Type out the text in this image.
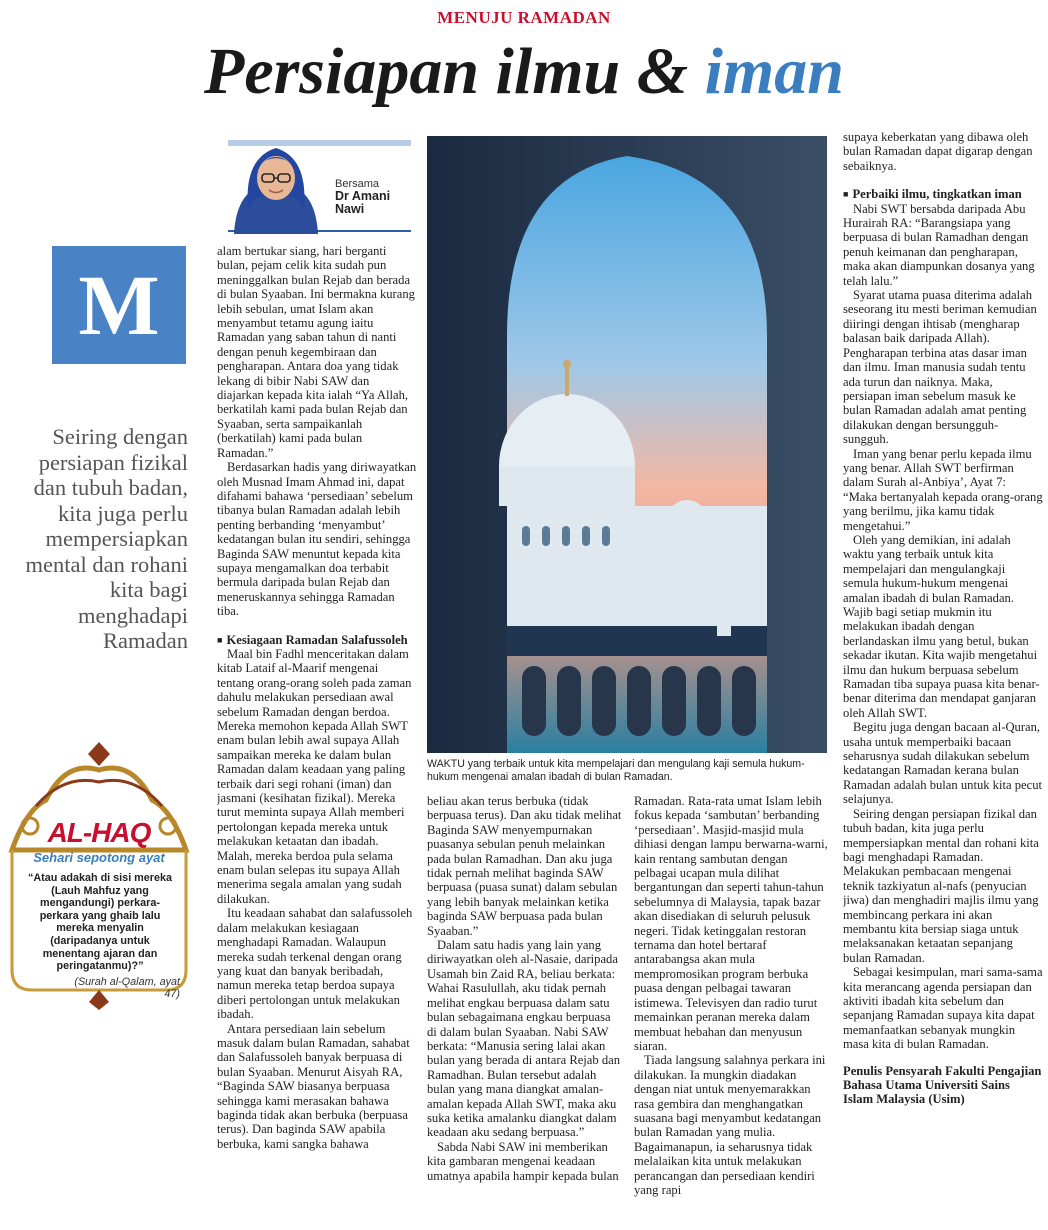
MENUJU RAMADAN
Persiapan ilmu & iman
Bersama
Dr Amani
Nawi
M
Seiring dengan persiapan fizikal dan tubuh badan, kita juga perlu mempersiapkan mental dan rohani kita bagi menghadapi Ramadan
AL-HAQ
Sehari sepotong ayat
“Atau adakah di sisi mereka (Lauh Mahfuz yang mengandungi) perkara-perkara yang ghaib lalu mereka menyalin (daripadanya untuk menentang ajaran dan peringatanmu)?”
(Surah al-Qalam, ayat 47)
WAKTU yang terbaik untuk kita mempelajari dan mengulang kaji semula hukum-hukum mengenai amalan ibadah di bulan Ramadan.

alam bertukar siang, hari berganti bulan, pejam celik kita sudah pun meninggalkan bulan Rejab dan berada di bulan Syaaban. Ini bermakna kurang lebih sebulan, umat Islam akan menyambut tetamu agung iaitu Ramadan yang saban tahun di nanti dengan penuh kegembiraan dan pengharapan. Antara doa yang tidak lekang di bibir Nabi SAW dan diajarkan kepada kita ialah “Ya Allah, berkatilah kami pada bulan Rejab dan Syaaban, serta sampaikanlah (berkatilah) kami pada bulan Ramadan.”

Berdasarkan hadis yang diriwayatkan oleh Musnad Imam Ahmad ini, dapat difahami bahawa ‘persediaan’ sebelum tibanya bulan Ramadan adalah lebih penting berbanding ‘menyambut’ kedatangan bulan itu sendiri, sehingga Baginda SAW menuntut kepada kita supaya mengamalkan doa terbabit bermula daripada bulan Rejab dan meneruskannya sehingga Ramadan tiba.

■ Kesiagaan Ramadan Salafussoleh

Maal bin Fadhl menceritakan dalam kitab Lataif al-Maarif mengenai tentang orang-orang soleh pada zaman dahulu melakukan persediaan awal sebelum Ramadan dengan berdoa. Mereka memohon kepada Allah SWT enam bulan lebih awal supaya Allah sampaikan mereka ke dalam bulan Ramadan dalam keadaan yang paling terbaik dari segi rohani (iman) dan jasmani (kesihatan fizikal). Mereka turut meminta supaya Allah memberi pertolongan kepada mereka untuk melakukan ketaatan dan ibadah. Malah, mereka berdoa pula selama enam bulan selepas itu supaya Allah menerima segala amalan yang sudah dilakukan.

Itu keadaan sahabat dan salafussoleh dalam melakukan kesiagaan menghadapi Ramadan. Walaupun mereka sudah terkenal dengan orang yang kuat dan banyak beribadah, namun mereka tetap berdoa supaya diberi pertolongan untuk melakukan ibadah.

Antara persediaan lain sebelum masuk dalam bulan Ramadan, sahabat dan Salafussoleh banyak berpuasa di bulan Syaaban. Menurut Aisyah RA, “Baginda SAW biasanya berpuasa sehingga kami merasakan bahawa baginda tidak akan berbuka (berpuasa terus). Dan baginda SAW apabila berbuka, kami sangka bahawa

beliau akan terus berbuka (tidak berpuasa terus). Dan aku tidak melihat Baginda SAW menyempurnakan puasanya sebulan penuh melainkan pada bulan Ramadhan. Dan aku juga tidak pernah melihat baginda SAW berpuasa (puasa sunat) dalam sebulan yang lebih banyak melainkan ketika baginda SAW berpuasa pada bulan Syaaban.”

Dalam satu hadis yang lain yang diriwayatkan oleh al-Nasaie, daripada Usamah bin Zaid RA, beliau berkata: Wahai Rasulullah, aku tidak pernah melihat engkau berpuasa dalam satu bulan sebagaimana engkau berpuasa di dalam bulan Syaaban. Nabi SAW berkata: “Manusia sering lalai akan bulan yang berada di antara Rejab dan Ramadhan. Bulan tersebut adalah bulan yang mana diangkat amalan-amalan kepada Allah SWT, maka aku suka ketika amalanku diangkat dalam keadaan aku sedang berpuasa.”

Sabda Nabi SAW ini memberikan kita gambaran mengenai keadaan umatnya apabila hampir kepada bulan

Ramadan. Rata-rata umat Islam lebih fokus kepada ‘sambutan’ berbanding ‘persediaan’. Masjid-masjid mula dihiasi dengan lampu berwarna-warni, kain rentang sambutan dengan pelbagai ucapan mula dilihat bergantungan dan seperti tahun-tahun sebelumnya di Malaysia, tapak bazar akan disediakan di seluruh pelusuk negeri. Tidak ketinggalan restoran ternama dan hotel bertaraf antarabangsa akan mula mempromosikan program berbuka puasa dengan pelbagai tawaran istimewa. Televisyen dan radio turut memainkan peranan mereka dalam membuat hebahan dan menyusun siaran.

Tiada langsung salahnya perkara ini dilakukan. Ia mungkin diadakan dengan niat untuk menyemarakkan rasa gembira dan menghangatkan suasana bagi menyambut kedatangan bulan Ramadan yang mulia. Bagaimanapun, ia seharusnya tidak melalaikan kita untuk melakukan perancangan dan persediaan kendiri yang rapi

supaya keberkatan yang dibawa oleh bulan Ramadan dapat digarap dengan sebaiknya.

■ Perbaiki ilmu, tingkatkan iman

Nabi SWT bersabda daripada Abu Hurairah RA: “Barangsiapa yang berpuasa di bulan Ramadhan dengan penuh keimanan dan pengharapan, maka akan diampunkan dosanya yang telah lalu.”

Syarat utama puasa diterima adalah seseorang itu mesti beriman kemudian diiringi dengan ihtisab (mengharap balasan baik daripada Allah). Pengharapan terbina atas dasar iman dan ilmu. Iman manusia sudah tentu ada turun dan naiknya. Maka, persiapan iman sebelum masuk ke bulan Ramadan adalah amat penting dilakukan dengan bersungguh-sungguh.

Iman yang benar perlu kepada ilmu yang benar. Allah SWT berfirman dalam Surah al-Anbiya’, Ayat 7: “Maka bertanyalah kepada orang-orang yang berilmu, jika kamu tidak mengetahui.”

Oleh yang demikian, ini adalah waktu yang terbaik untuk kita mempelajari dan mengulangkaji semula hukum-hukum mengenai amalan ibadah di bulan Ramadan. Wajib bagi setiap mukmin itu melakukan ibadah dengan berlandaskan ilmu yang betul, bukan sekadar ikutan. Kita wajib mengetahui ilmu dan hukum berpuasa sebelum Ramadan tiba supaya puasa kita benar-benar diterima dan mendapat ganjaran oleh Allah SWT.

Begitu juga dengan bacaan al-Quran, usaha untuk memperbaiki bacaan seharusnya sudah dilakukan sebelum kedatangan Ramadan kerana bulan Ramadan adalah bulan untuk kita pecut selajunya.

Seiring dengan persiapan fizikal dan tubuh badan, kita juga perlu mempersiapkan mental dan rohani kita bagi menghadapi Ramadan. Melakukan pembacaan mengenai teknik tazkiyatun al-nafs (penyucian jiwa) dan menghadiri majlis ilmu yang membincang perkara ini akan membantu kita bersiap siaga untuk melaksanakan ketaatan sepanjang bulan Ramadan.

Sebagai kesimpulan, mari sama-sama kita merancang agenda persiapan dan aktiviti ibadah kita sebelum dan sepanjang Ramadan supaya kita dapat memanfaatkan sebanyak mungkin masa kita di bulan Ramadan.

Penulis Pensyarah Fakulti Pengajian Bahasa Utama Universiti Sains Islam Malaysia (Usim)
